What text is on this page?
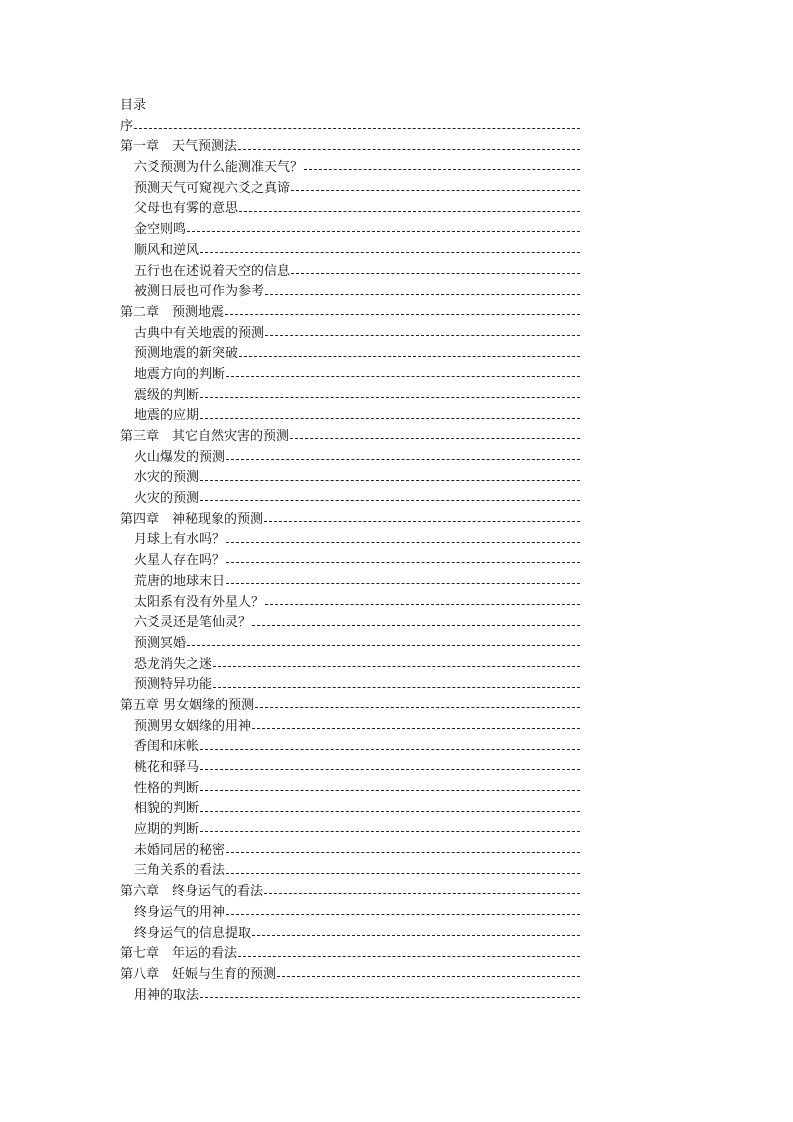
目录
序
第一章　天气预测法
六爻预测为什么能测准天气？
预测天气可窥视六爻之真谛
父母也有雾的意思
金空则鸣
顺风和逆风
五行也在述说着天空的信息
被测日辰也可作为参考
第二章　预测地震
古典中有关地震的预测
预测地震的新突破
地震方向的判断
震级的判断
地震的应期
第三章　其它自然灾害的预测
火山爆发的预测
水灾的预测
火灾的预测
第四章　神秘现象的预测
月球上有水吗？
火星人存在吗？
荒唐的地球末日
太阳系有没有外星人？
六爻灵还是笔仙灵？
预测冥婚
恐龙消失之迷
预测特异功能
第五章 男女姻缘的预测
预测男女姻缘的用神
香闺和床帐
桃花和驿马
性格的判断
相貌的判断
应期的判断
未婚同居的秘密
三角关系的看法
第六章　终身运气的看法
终身运气的用神
终身运气的信息提取
第七章　年运的看法
第八章　妊娠与生育的预测
用神的取法
